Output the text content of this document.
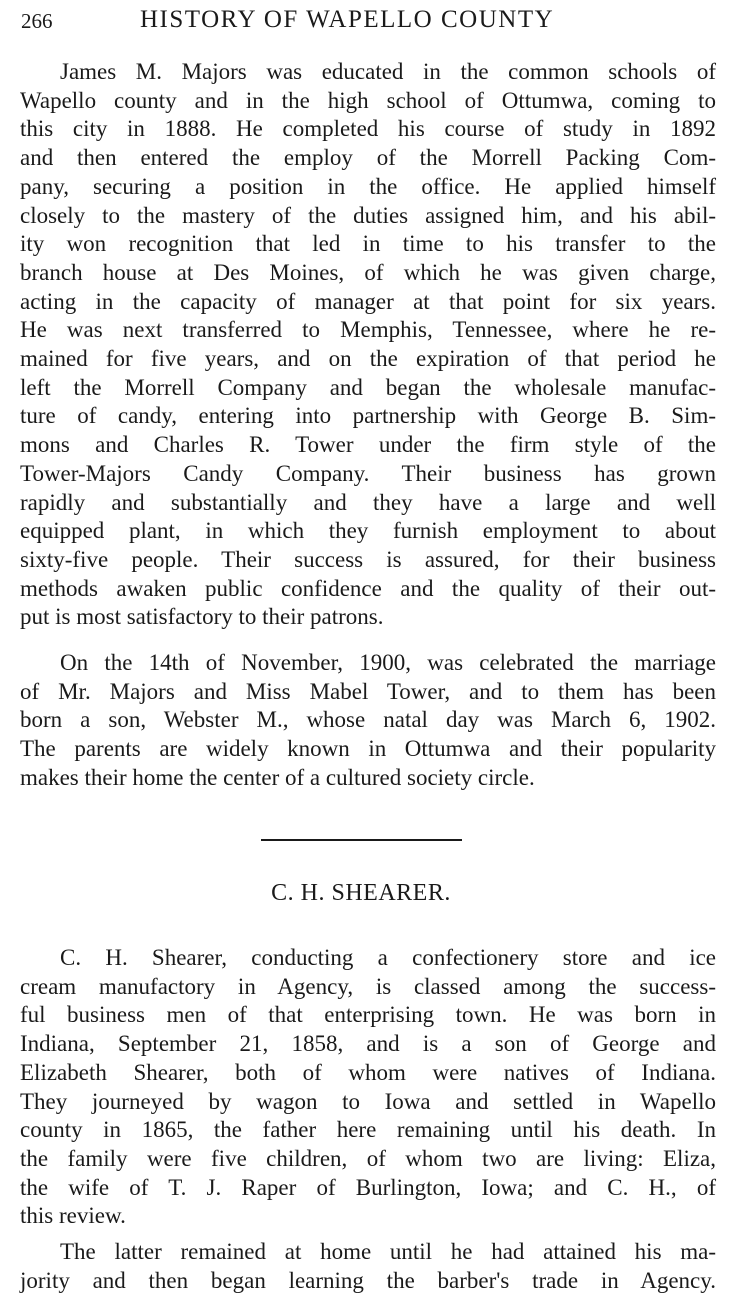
266	HISTORY OF WAPELLO COUNTY

James M. Majors was educated in the common schools of
Wapello county and in the high school of Ottumwa, coming to
this city in 1888. He completed his course of study in 1892
and then entered the employ of the Morrell Packing Com-
pany, securing a position in the office. He applied himself
closely to the mastery of the duties assigned him, and his abil-
ity won recognition that led in time to his transfer to the
branch house at Des Moines, of which he was given charge,
acting in the capacity of manager at that point for six years.
He was next transferred to Memphis, Tennessee, where he re-
mained for five years, and on the expiration of that period he
left the Morrell Company and began the wholesale manufac-
ture of candy, entering into partnership with George B. Sim-
mons and Charles R. Tower under the firm style of the
Tower-Majors Candy Company. Their business has grown
rapidly and substantially and they have a large and well
equipped plant, in which they furnish employment to about
sixty-five people. Their success is assured, for their business
methods awaken public confidence and the quality of their out-
put is most satisfactory to their patrons.

On the 14th of November, 1900, was celebrated the marriage
of Mr. Majors and Miss Mabel Tower, and to them has been
born a son, Webster M., whose natal day was March 6, 1902.
The parents are widely known in Ottumwa and their popularity
makes their home the center of a cultured society circle.

C. H. SHEARER.

C. H. Shearer, conducting a confectionery store and ice
cream manufactory in Agency, is classed among the success-
ful business men of that enterprising town. He was born in
Indiana, September 21, 1858, and is a son of George and
Elizabeth Shearer, both of whom were natives of Indiana.
They journeyed by wagon to Iowa and settled in Wapello
county in 1865, the father here remaining until his death. In
the family were five children, of whom two are living: Eliza,
the wife of T. J. Raper of Burlington, Iowa; and C. H., of
this review.

The latter remained at home until he had attained his ma-
jority and then began learning the barber's trade in Agency.
